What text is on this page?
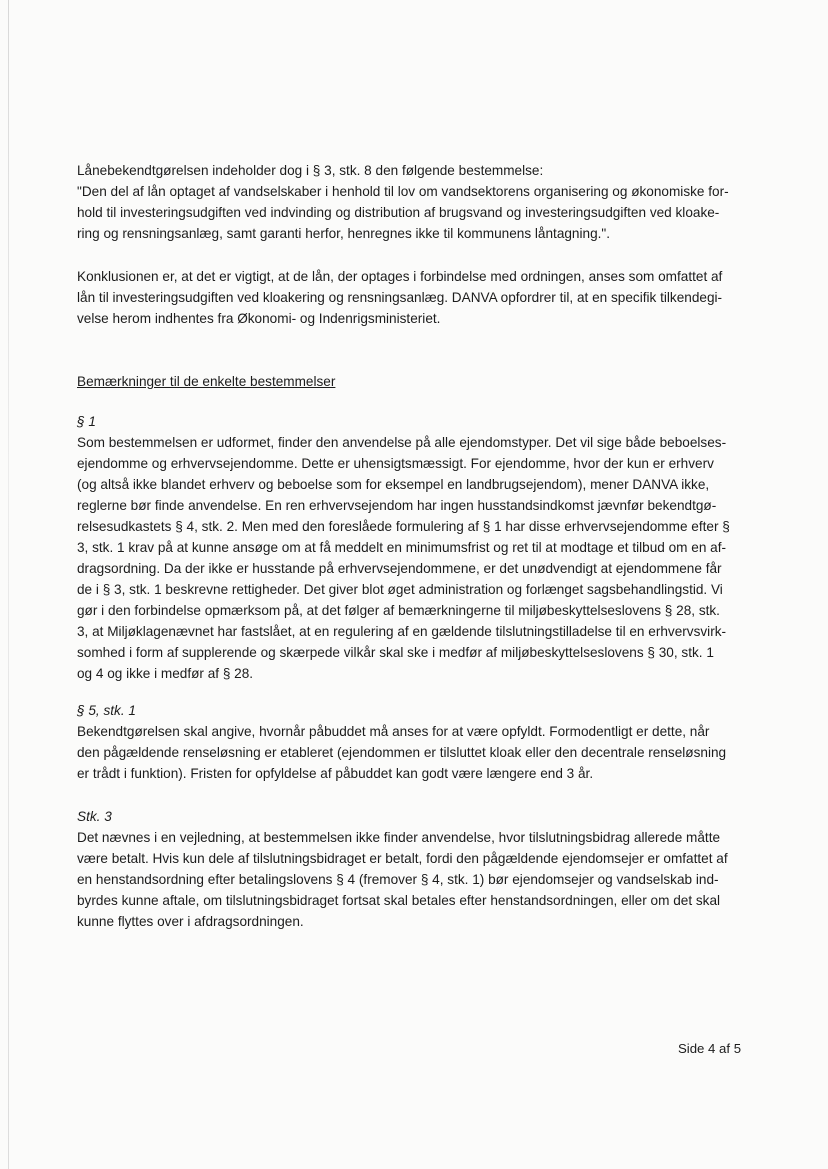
Lånebekendtgørelsen indeholder dog i § 3, stk. 8 den følgende bestemmelse:
"Den del af lån optaget af vandselskaber i henhold til lov om vandsektorens organisering og økonomiske for-
hold til investeringsudgiften ved indvinding og distribution af brugsvand og investeringsudgiften ved kloake-
ring og rensningsanlæg, samt garanti herfor, henregnes ikke til kommunens låntagning.".
Konklusionen er, at det er vigtigt, at de lån, der optages i forbindelse med ordningen, anses som omfattet af
lån til investeringsudgiften ved kloakering og rensningsanlæg. DANVA opfordrer til, at en specifik tilkendegi-
velse herom indhentes fra Økonomi- og Indenrigsministeriet.
Bemærkninger til de enkelte bestemmelser
§ 1
Som bestemmelsen er udformet, finder den anvendelse på alle ejendomstyper. Det vil sige både beboelses-
ejendomme og erhvervsejendomme. Dette er uhensigtsmæssigt. For ejendomme, hvor der kun er erhverv
(og altså ikke blandet erhverv og beboelse som for eksempel en landbrugsejendom), mener DANVA ikke,
reglerne bør finde anvendelse. En ren erhvervsejendom har ingen husstandsindkomst jævnfør bekendtgø-
relsesudkastets § 4, stk. 2. Men med den foreslåede formulering af § 1 har disse erhvervsejendomme efter §
3, stk. 1 krav på at kunne ansøge om at få meddelt en minimumsfrist og ret til at modtage et tilbud om en af-
dragsordning. Da der ikke er husstande på erhvervsejendommene, er det unødvendigt at ejendommene får
de i § 3, stk. 1 beskrevne rettigheder. Det giver blot øget administration og forlænget sagsbehandlingstid. Vi
gør i den forbindelse opmærksom på, at det følger af bemærkningerne til miljøbeskyttelseslovens § 28, stk.
3, at Miljøklagenævnet har fastslået, at en regulering af en gældende tilslutningstilladelse til en erhvervsvirk-
somhed i form af supplerende og skærpede vilkår skal ske i medfør af miljøbeskyttelseslovens § 30, stk. 1
og 4 og ikke i medfør af § 28.
§ 5, stk. 1
Bekendtgørelsen skal angive, hvornår påbuddet må anses for at være opfyldt. Formodentligt er dette, når
den pågældende renseløsning er etableret (ejendommen er tilsluttet kloak eller den decentrale renseløsning
er trådt i funktion). Fristen for opfyldelse af påbuddet kan godt være længere end 3 år.
Stk. 3
Det nævnes i en vejledning, at bestemmelsen ikke finder anvendelse, hvor tilslutningsbidrag allerede måtte
være betalt. Hvis kun dele af tilslutningsbidraget er betalt, fordi den pågældende ejendomsejer er omfattet af
en henstandsordning efter betalingslovens § 4 (fremover § 4, stk. 1) bør ejendomsejer og vandselskab ind-
byrdes kunne aftale, om tilslutningsbidraget fortsat skal betales efter henstandsordningen, eller om det skal
kunne flyttes over i afdragsordningen.
Side 4 af 5
